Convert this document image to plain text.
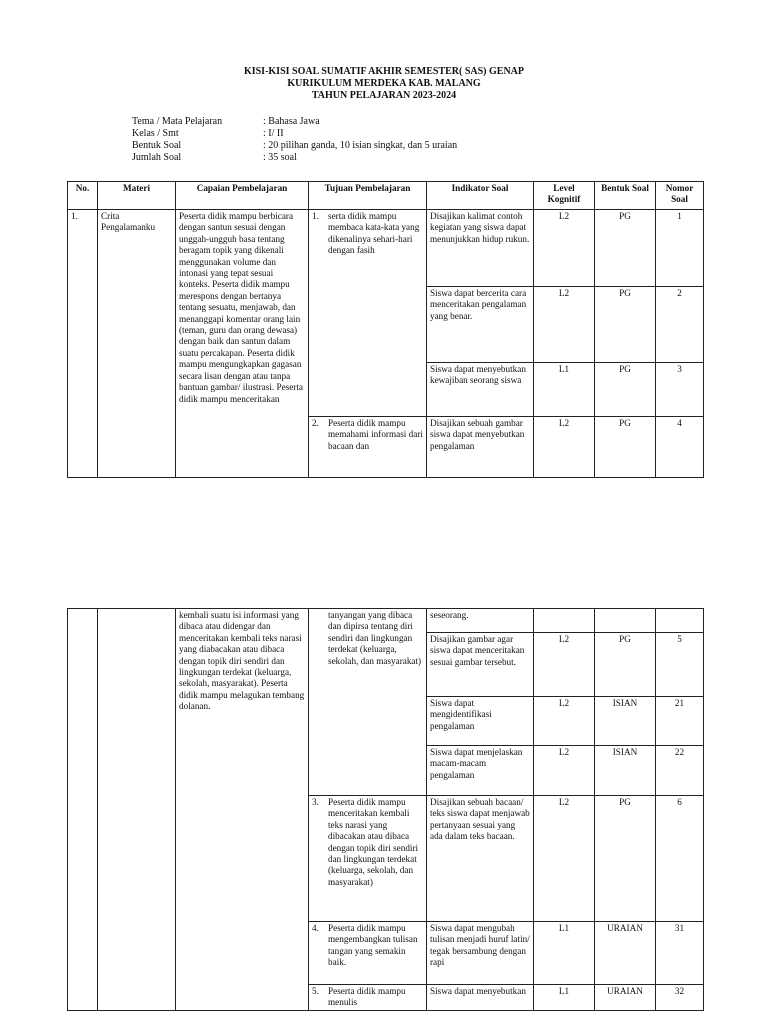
KISI-KISI SOAL SUMATIF AKHIR SEMESTER( SAS) GENAP
KURIKULUM MERDEKA KAB. MALANG
TAHUN PELAJARAN 2023-2024
Tema / Mata Pelajaran	: Bahasa Jawa
Kelas / Smt	: I/ II
Bentuk Soal	: 20 pilihan ganda, 10 isian singkat, dan 5 uraian
Jumlah Soal	: 35 soal
No.	Materi	Capaian Pembelajaran	Tujuan Pembelajaran	Indikator Soal	Level Kognitif	Bentuk Soal	Nomor Soal
1.	Crita Pengalamanku	Peserta didik mampu berbicara dengan santun sesuai dengan unggah-ungguh basa tentang beragam topik yang dikenali menggunakan volume dan intonasi yang tepat sesuai konteks. Peserta didik mampu merespons dengan bertanya tentang sesuatu, menjawab, dan menanggapi komentar orang lain (teman, guru dan orang dewasa) dengan baik dan santun dalam suatu percakapan. Peserta didik mampu mengungkapkan gagasan secara lisan dengan atau tanpa bantuan gambar/ ilustrasi. Peserta didik mampu menceritakan	1. serta didik mampu membaca kata-kata yang dikenalinya sehari-hari dengan fasih	Disajikan kalimat contoh kegiatan yang siswa dapat menunjukkan hidup rukun.	L2	PG	1
				Siswa dapat bercerita cara menceritakan pengalaman yang benar.	L2	PG	2
				Siswa dapat menyebutkan kewajiban seorang siswa	L1	PG	3

			2. Peserta didik mampu memahami informasi dari bacaan dan	Disajikan sebuah gambar siswa dapat menyebutkan pengalaman	L2	PG	4
		kembali suatu isi informasi yang dibaca atau didengar dan menceritakan kembali teks narasi yang diabacakan atau dibaca dengan topik diri sendiri dan lingkungan terdekat (keluarga, sekolah, masyarakat). Peserta didik mampu melagukan tembang dolanan.	tanyangan yang dibaca dan dipirsa tentang diri sendiri dan lingkungan terdekat (keluarga, sekolah, dan masyarakat)	seseorang.			
				Disajikan gambar agar siswa dapat menceritakan sesuai gambar tersebut.	L2	PG	5
				Siswa dapat mengidentifikasi pengalaman	L2	ISIAN	21
				Siswa dapat menjelaskan macam-macam pengalaman	L2	ISIAN	22

			3. Peserta didik mampu menceritakan kembali teks narasi yang dibacakan atau dibaca dengan topik diri sendiri dan lingkungan terdekat (keluarga, sekolah, dan masyarakat)	Disajikan sebuah bacaan/ teks siswa dapat menjawab pertanyaan sesuai yang ada dalam teks bacaan.	L2	PG	6

			4. Peserta didik mampu mengembangkan tulisan tangan yang semakin baik.	Siswa dapat mengubah tulisan menjadi huruf latin/ tegak bersambung dengan rapi	L1	URAIAN	31

			5. Peserta didik mampu menulis	Siswa dapat menyebutkan	L1	URAIAN	32
